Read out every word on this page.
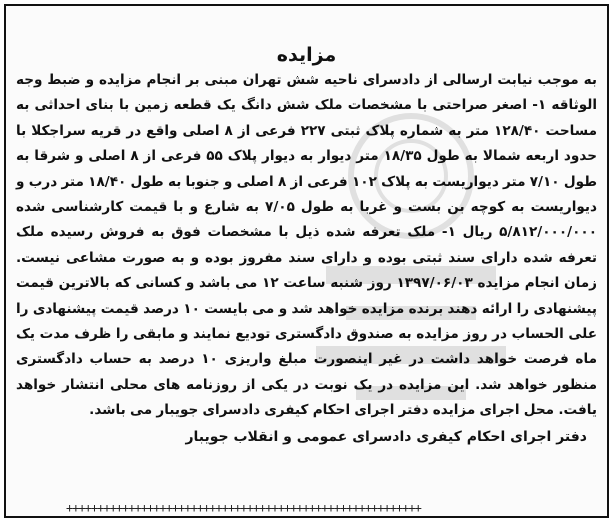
مزایده

به موجب نیابت ارسالی از دادسرای ناحیه شش تهران مبنی بر انجام مزایده و ضبط وجه الوثاقه ۱- اصغر صراحتی با مشخصات ملک شش دانگ یک قطعه زمین با بنای احداثی به مساحت ۱۲۸/۴۰ متر به شماره پلاک ثبتی ۲۲۷ فرعی از ۸ اصلی واقع در قریه سراجکلا با حدود اربعه شمالا به طول ۱۸/۳۵ متر دیوار به دیوار پلاک ۵۵ فرعی از ۸ اصلی و شرقا به طول ۷/۱۰ متر دیواریست به پلاک ۱۰۲ فرعی از ۸ اصلی و جنوبا به طول ۱۸/۴۰ متر درب و دیواریست به کوچه بن بست و غربا به طول ۷/۰۵ به شارع و با قیمت کارشناسی شده ۵/۸۱۲/۰۰۰/۰۰۰ ریال ۱- ملک تعرفه شده ذیل با مشخصات فوق به فروش رسیده ملک تعرفه شده دارای سند ثبتی بوده و دارای سند مفروز بوده و به صورت مشاعی نیست. زمان انجام مزایده ۱۳۹۷/۰۶/۰۳ روز شنبه ساعت ۱۲ می باشد و کسانی که بالاترین قیمت پیشنهادی را ارائه دهند برنده مزایده خواهد شد و می بایست ۱۰ درصد قیمت پیشنهادی را علی الحساب در روز مزایده به صندوق دادگستری تودیع نمایند و مابقی را ظرف مدت یک ماه فرصت خواهد داشت در غیر اینصورت مبلغ واریزی ۱۰ درصد به حساب دادگستری منظور خواهد شد. این مزایده در یک نوبت در یکی از روزنامه های محلی انتشار خواهد یافت. محل اجرای مزایده دفتر اجرای احکام کیفری دادسرای جویبار می باشد.

دفتر اجرای احکام کیفری دادسرای عمومی و انقلاب جویبار
+++++++++++++++++++++++++++++++++++++++++++++++++++++++++
